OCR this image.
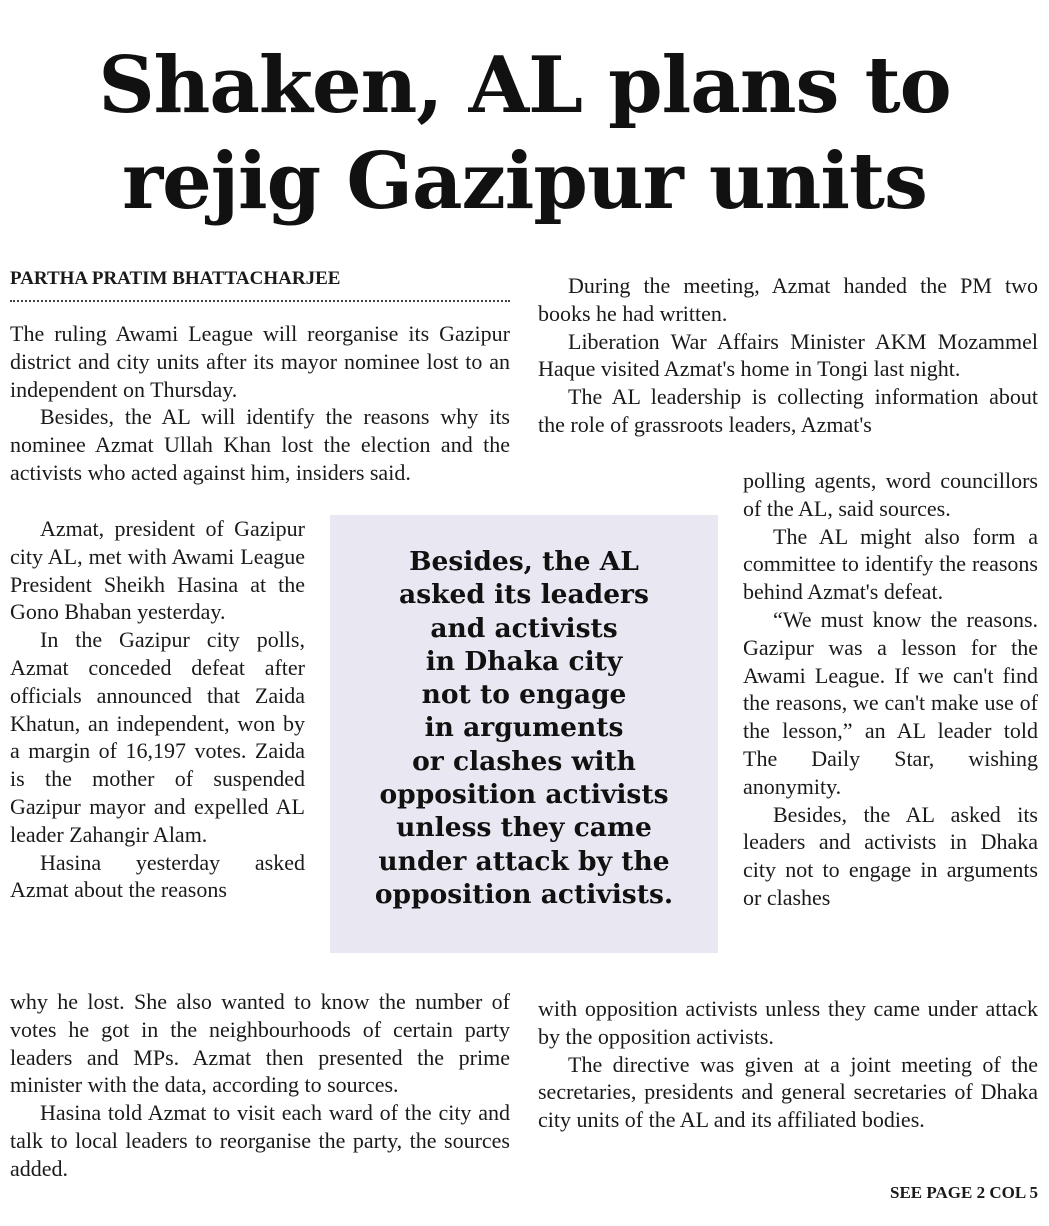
Shaken, AL plans to
rejig Gazipur units
PARTHA PRATIM BHATTACHARJEE

The ruling Awami League will reorganise its Gazipur district and city units after its mayor nominee lost to an independent on Thursday.

Besides, the AL will identify the reasons why its nominee Azmat Ullah Khan lost the election and the activists who acted against him, insiders said.

Azmat, president of Gazipur city AL, met with Awami League President Sheikh Hasina at the Gono Bhaban yesterday.

In the Gazipur city polls, Azmat conceded defeat after officials announced that Zaida Khatun, an independent, won by a margin of 16,197 votes. Zaida is the mother of suspended Gazipur mayor and expelled AL leader Zahangir Alam.

Hasina yesterday asked Azmat about the reasons

why he lost. She also wanted to know the number of votes he got in the neighbourhoods of certain party leaders and MPs. Azmat then presented the prime minister with the data, according to sources.

Hasina told Azmat to visit each ward of the city and talk to local leaders to reorganise the party, the sources added.

During the meeting, Azmat handed the PM two books he had written.

Liberation War Affairs Minister AKM Mozammel Haque visited Azmat's home in Tongi last night.

The AL leadership is collecting information about the role of grassroots leaders, Azmat's

polling agents, word councillors of the AL, said sources.

The AL might also form a committee to identify the reasons behind Azmat's defeat.

“We must know the reasons. Gazipur was a lesson for the Awami League. If we can't find the reasons, we can't make use of the lesson,” an AL leader told The Daily Star, wishing anonymity.

Besides, the AL asked its leaders and activists in Dhaka city not to engage in arguments or clashes

with opposition activists unless they came under attack by the opposition activists.

The directive was given at a joint meeting of the secretaries, presidents and general secretaries of Dhaka city units of the AL and its affiliated bodies.

Besides, the AL
asked its leaders
and activists
in Dhaka city
not to engage
in arguments
or clashes with
opposition activists
unless they came
under attack by the
opposition activists.

SEE PAGE 2 COL 5
